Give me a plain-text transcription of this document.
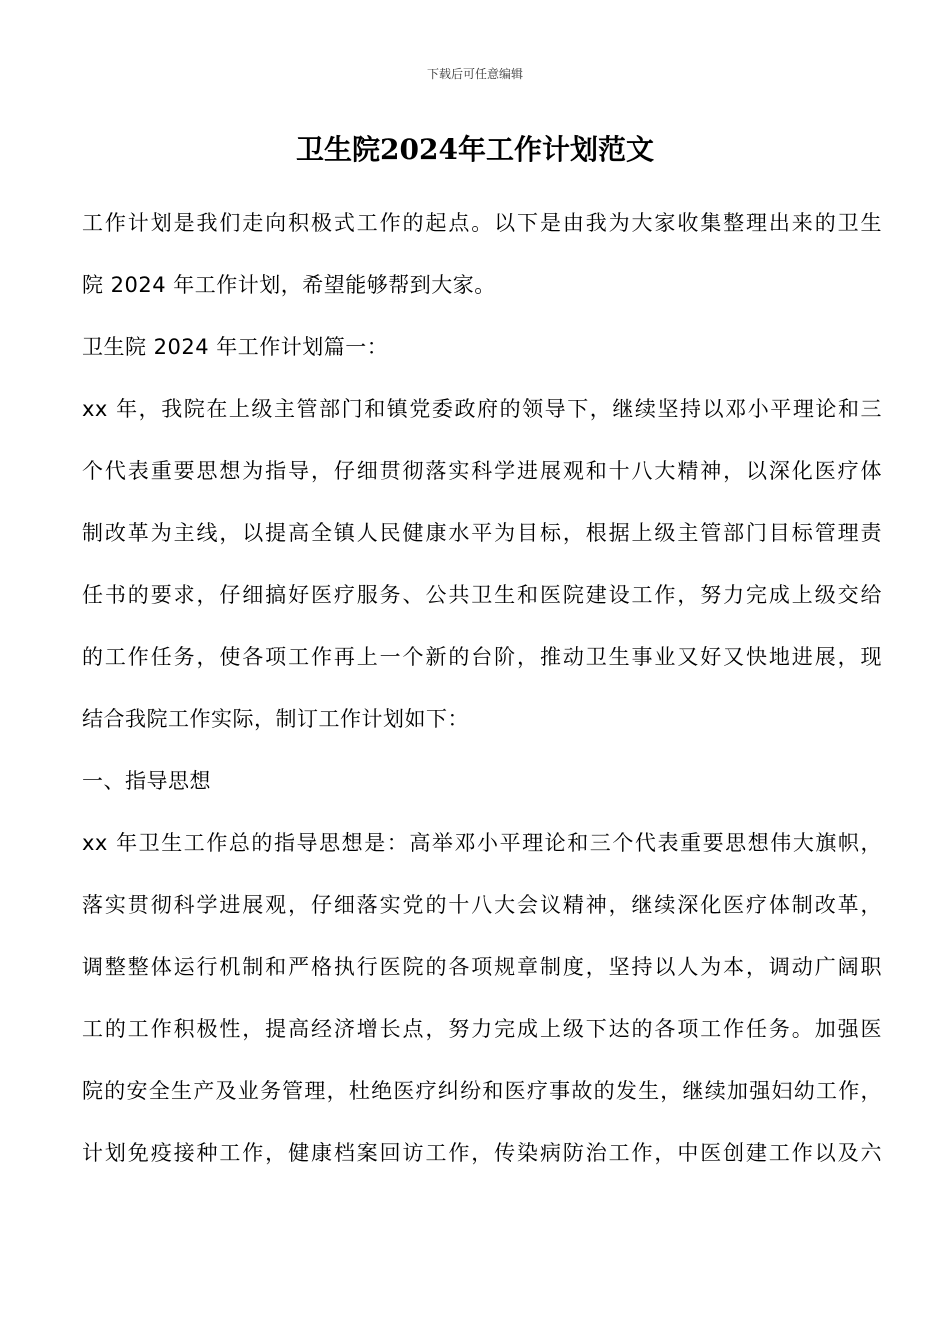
下载后可任意编辑
卫生院2024年工作计划范文
工作计划是我们走向积极式工作的起点。以下是由我为大家收集整理出来的卫生
院 2024 年工作计划，希望能够帮到大家。
卫生院 2024 年工作计划篇一：
xx 年，我院在上级主管部门和镇党委政府的领导下，继续坚持以邓小平理论和三
个代表重要思想为指导，仔细贯彻落实科学进展观和十八大精神，以深化医疗体
制改革为主线，以提高全镇人民健康水平为目标，根据上级主管部门目标管理责
任书的要求，仔细搞好医疗服务、公共卫生和医院建设工作，努力完成上级交给
的工作任务，使各项工作再上一个新的台阶，推动卫生事业又好又快地进展，现
结合我院工作实际，制订工作计划如下：
一、指导思想
xx 年卫生工作总的指导思想是：高举邓小平理论和三个代表重要思想伟大旗帜，
落实贯彻科学进展观，仔细落实党的十八大会议精神，继续深化医疗体制改革，
调整整体运行机制和严格执行医院的各项规章制度，坚持以人为本，调动广阔职
工的工作积极性，提高经济增长点，努力完成上级下达的各项工作任务。加强医
院的安全生产及业务管理，杜绝医疗纠纷和医疗事故的发生，继续加强妇幼工作，
计划免疫接种工作，健康档案回访工作，传染病防治工作，中医创建工作以及六
